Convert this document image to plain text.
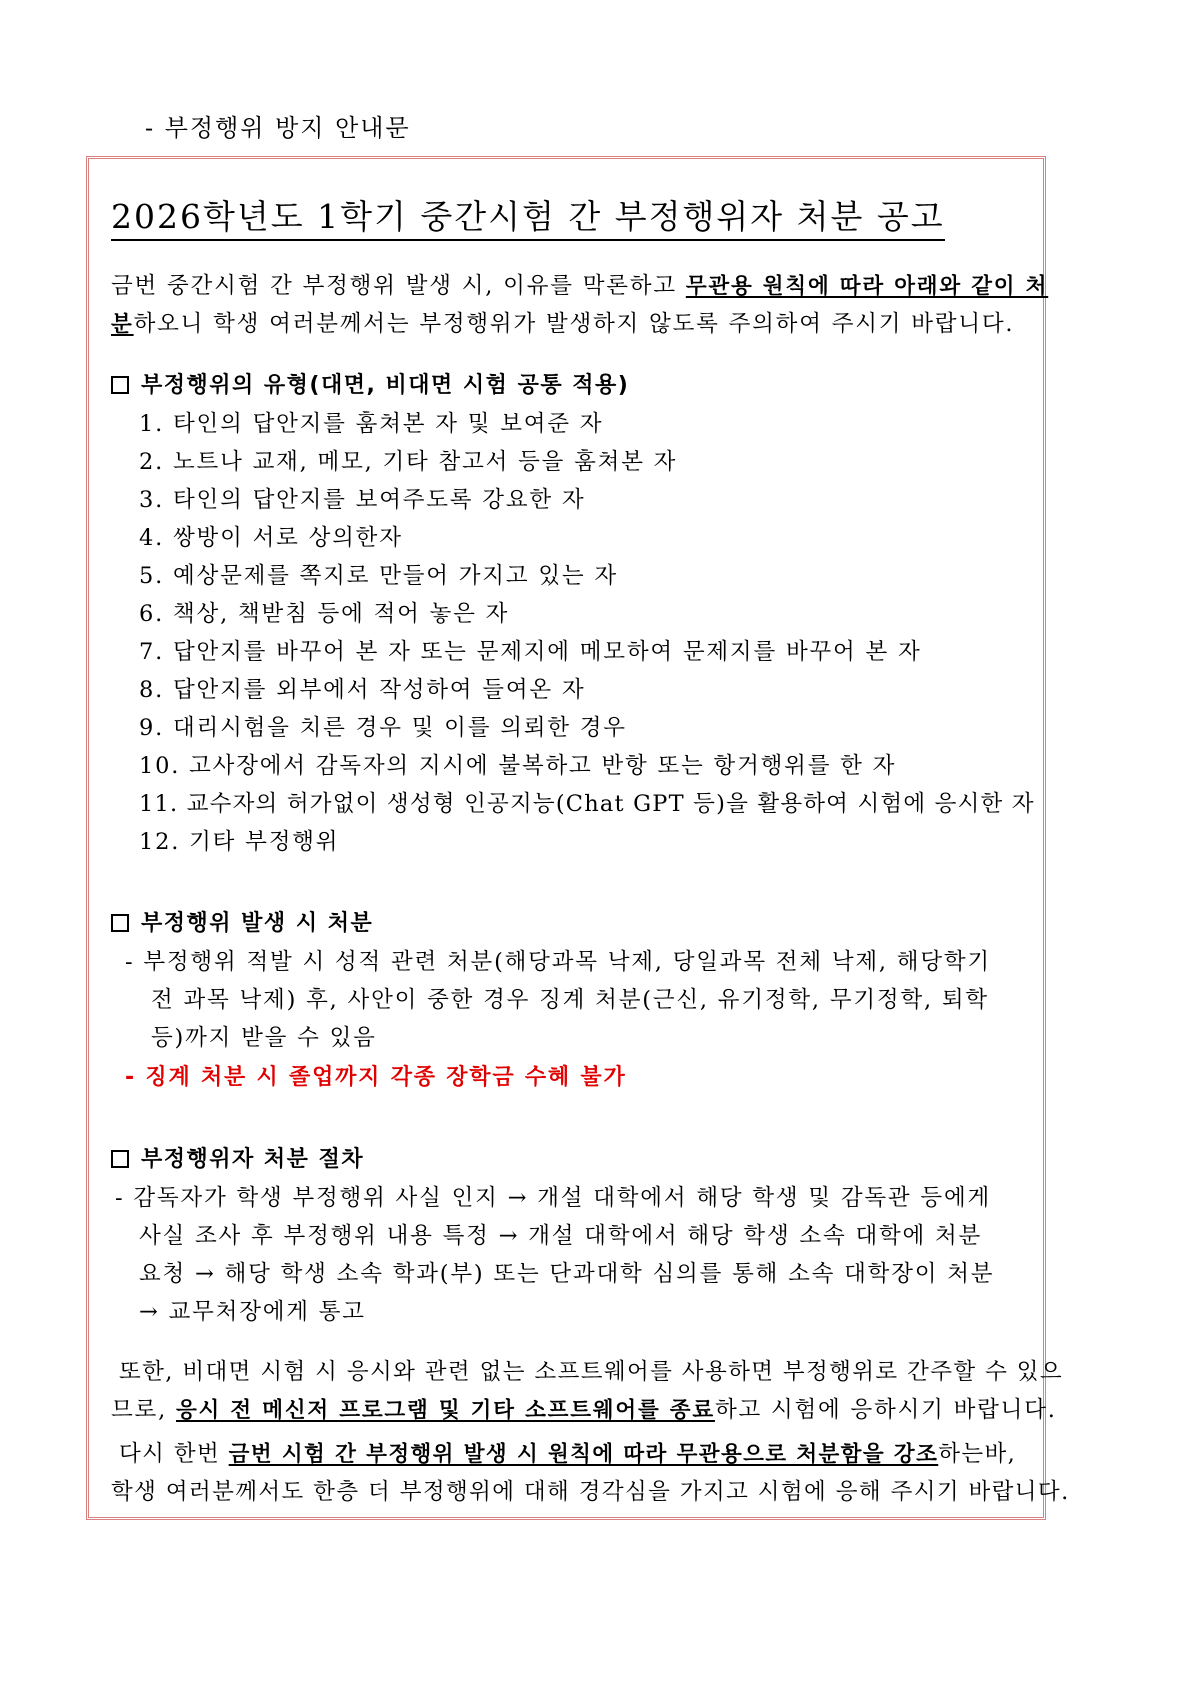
- 부정행위 방지 안내문
2026학년도 1학기 중간시험 간 부정행위자 처분 공고
금번 중간시험 간 부정행위 발생 시, 이유를 막론하고 무관용 원칙에 따라 아래와 같이 처
분하오니 학생 여러분께서는 부정행위가 발생하지 않도록 주의하여 주시기 바랍니다.
부정행위의 유형(대면, 비대면 시험 공통 적용)
1. 타인의 답안지를 훔쳐본 자 및 보여준 자
2. 노트나 교재, 메모, 기타 참고서 등을 훔쳐본 자
3. 타인의 답안지를 보여주도록 강요한 자
4. 쌍방이 서로 상의한자
5. 예상문제를 쪽지로 만들어 가지고 있는 자
6. 책상, 책받침 등에 적어 놓은 자
7. 답안지를 바꾸어 본 자 또는 문제지에 메모하여 문제지를 바꾸어 본 자
8. 답안지를 외부에서 작성하여 들여온 자
9. 대리시험을 치른 경우 및 이를 의뢰한 경우
10. 고사장에서 감독자의 지시에 불복하고 반항 또는 항거행위를 한 자
11. 교수자의 허가없이 생성형 인공지능(Chat GPT 등)을 활용하여 시험에 응시한 자
12. 기타 부정행위
부정행위 발생 시 처분
- 부정행위 적발 시 성적 관련 처분(해당과목 낙제, 당일과목 전체 낙제, 해당학기
전 과목 낙제) 후, 사안이 중한 경우 징계 처분(근신, 유기정학, 무기정학, 퇴학
등)까지 받을 수 있음
- 징계 처분 시 졸업까지 각종 장학금 수혜 불가
부정행위자 처분 절차
- 감독자가 학생 부정행위 사실 인지 → 개설 대학에서 해당 학생 및 감독관 등에게
사실 조사 후 부정행위 내용 특정 → 개설 대학에서 해당 학생 소속 대학에 처분
요청 → 해당 학생 소속 학과(부) 또는 단과대학 심의를 통해 소속 대학장이 처분
→ 교무처장에게 통고
또한, 비대면 시험 시 응시와 관련 없는 소프트웨어를 사용하면 부정행위로 간주할 수 있으
므로, 응시 전 메신저 프로그램 및 기타 소프트웨어를 종료하고 시험에 응하시기 바랍니다.
다시 한번 금번 시험 간 부정행위 발생 시 원칙에 따라 무관용으로 처분함을 강조하는바,
학생 여러분께서도 한층 더 부정행위에 대해 경각심을 가지고 시험에 응해 주시기 바랍니다.
